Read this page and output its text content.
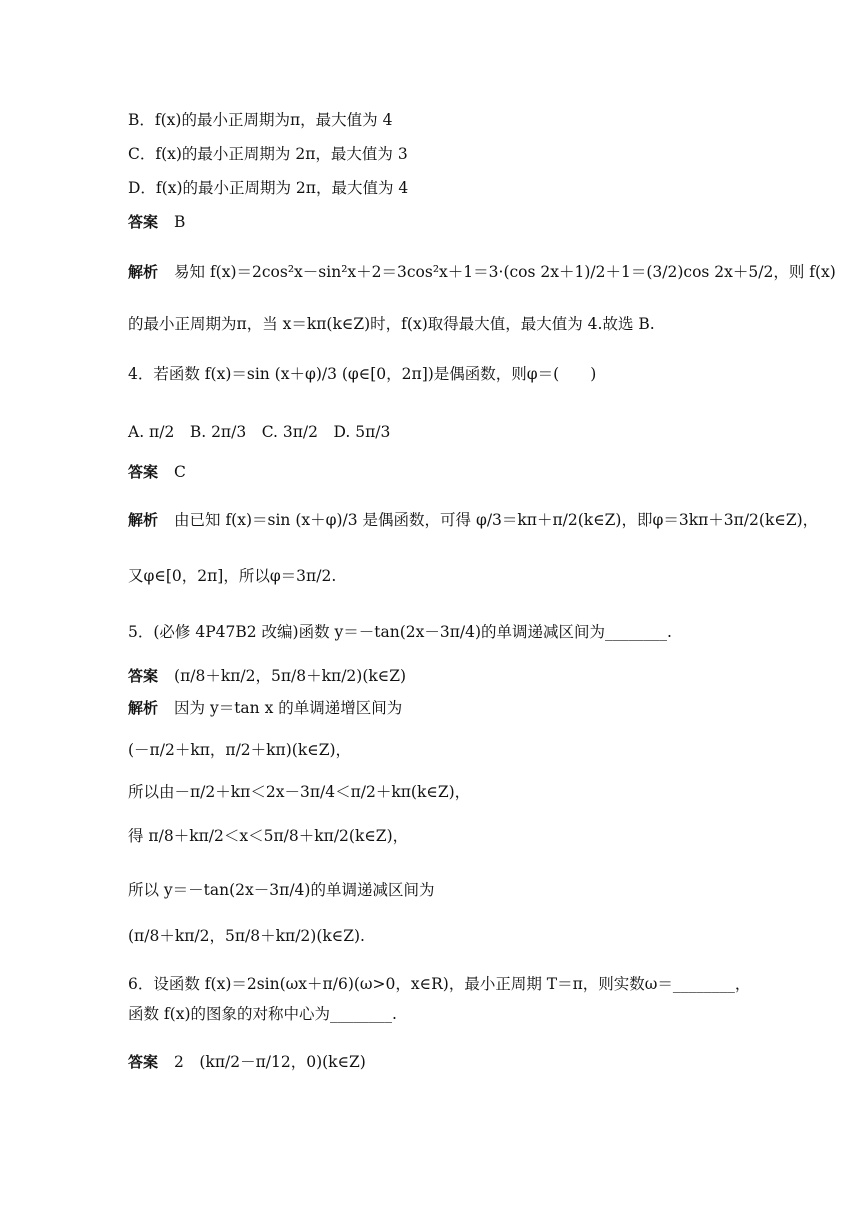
B．f(x)的最小正周期为π，最大值为 4
C．f(x)的最小正周期为 2π，最大值为 3
D．f(x)的最小正周期为 2π，最大值为 4
答案 B
解析 易知 f(x)＝2cos²x－sin²x＋2＝3cos²x＋1＝3·(cos 2x＋1)/2＋1＝(3/2)cos 2x＋5/2，则 f(x)
的最小正周期为π，当 x＝kπ(k∈Z)时，f(x)取得最大值，最大值为 4.故选 B.
4．若函数 f(x)＝sin (x＋φ)/3 (φ∈[0，2π])是偶函数，则φ＝(　　)
A. π/2　B. 2π/3　C. 3π/2　D. 5π/3
答案 C
解析 由已知 f(x)＝sin (x＋φ)/3 是偶函数，可得 φ/3＝kπ＋π/2(k∈Z)，即φ＝3kπ＋3π/2(k∈Z)，
又φ∈[0，2π]，所以φ＝3π/2.
5．(必修 4P47B2 改编)函数 y＝－tan(2x－3π/4)的单调递减区间为________.
答案 (π/8＋kπ/2，5π/8＋kπ/2)(k∈Z)
解析 因为 y＝tan x 的单调递增区间为
(－π/2＋kπ，π/2＋kπ)(k∈Z)，
所以由－π/2＋kπ＜2x－3π/4＜π/2＋kπ(k∈Z)，
得 π/8＋kπ/2＜x＜5π/8＋kπ/2(k∈Z)，
所以 y＝－tan(2x－3π/4)的单调递减区间为
(π/8＋kπ/2，5π/8＋kπ/2)(k∈Z).
6．设函数 f(x)＝2sin(ωx＋π/6)(ω>0，x∈R)，最小正周期 T＝π，则实数ω＝________，
函数 f(x)的图象的对称中心为________.
答案 2　(kπ/2－π/12，0)(k∈Z)
